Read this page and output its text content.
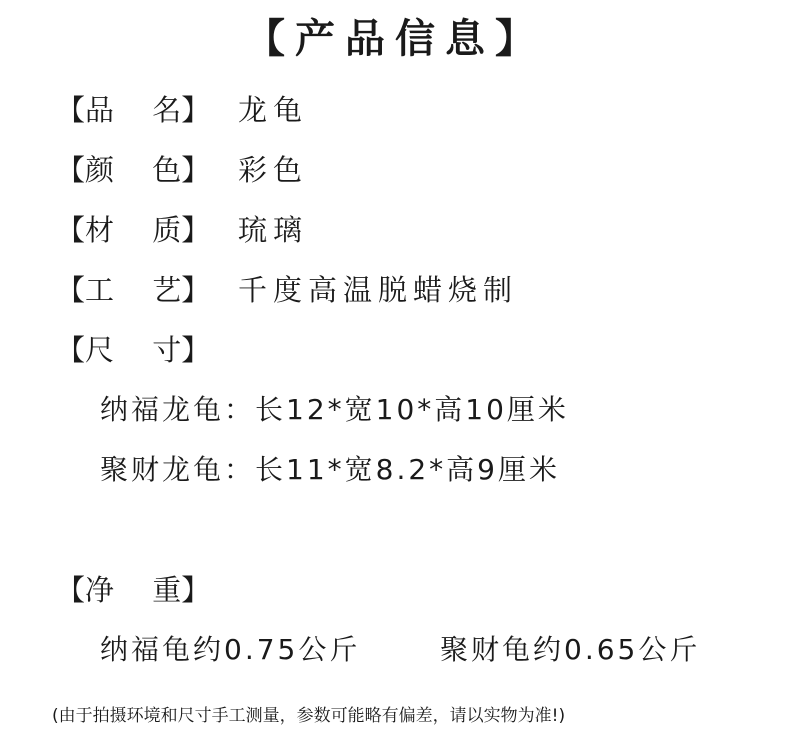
【产品信息】
【品　 名】 龙龟
【颜　 色】 彩色
【材　 质】 琉璃
【工　 艺】 千度高温脱蜡烧制
【尺　 寸】
纳福龙龟：长12*宽10*高10厘米
聚财龙龟：长11*宽8.2*高9厘米
【净　 重】
纳福龟约0.75公斤	聚财龟约0.65公斤
(由于拍摄环境和尺寸手工测量，参数可能略有偏差，请以实物为准!)
